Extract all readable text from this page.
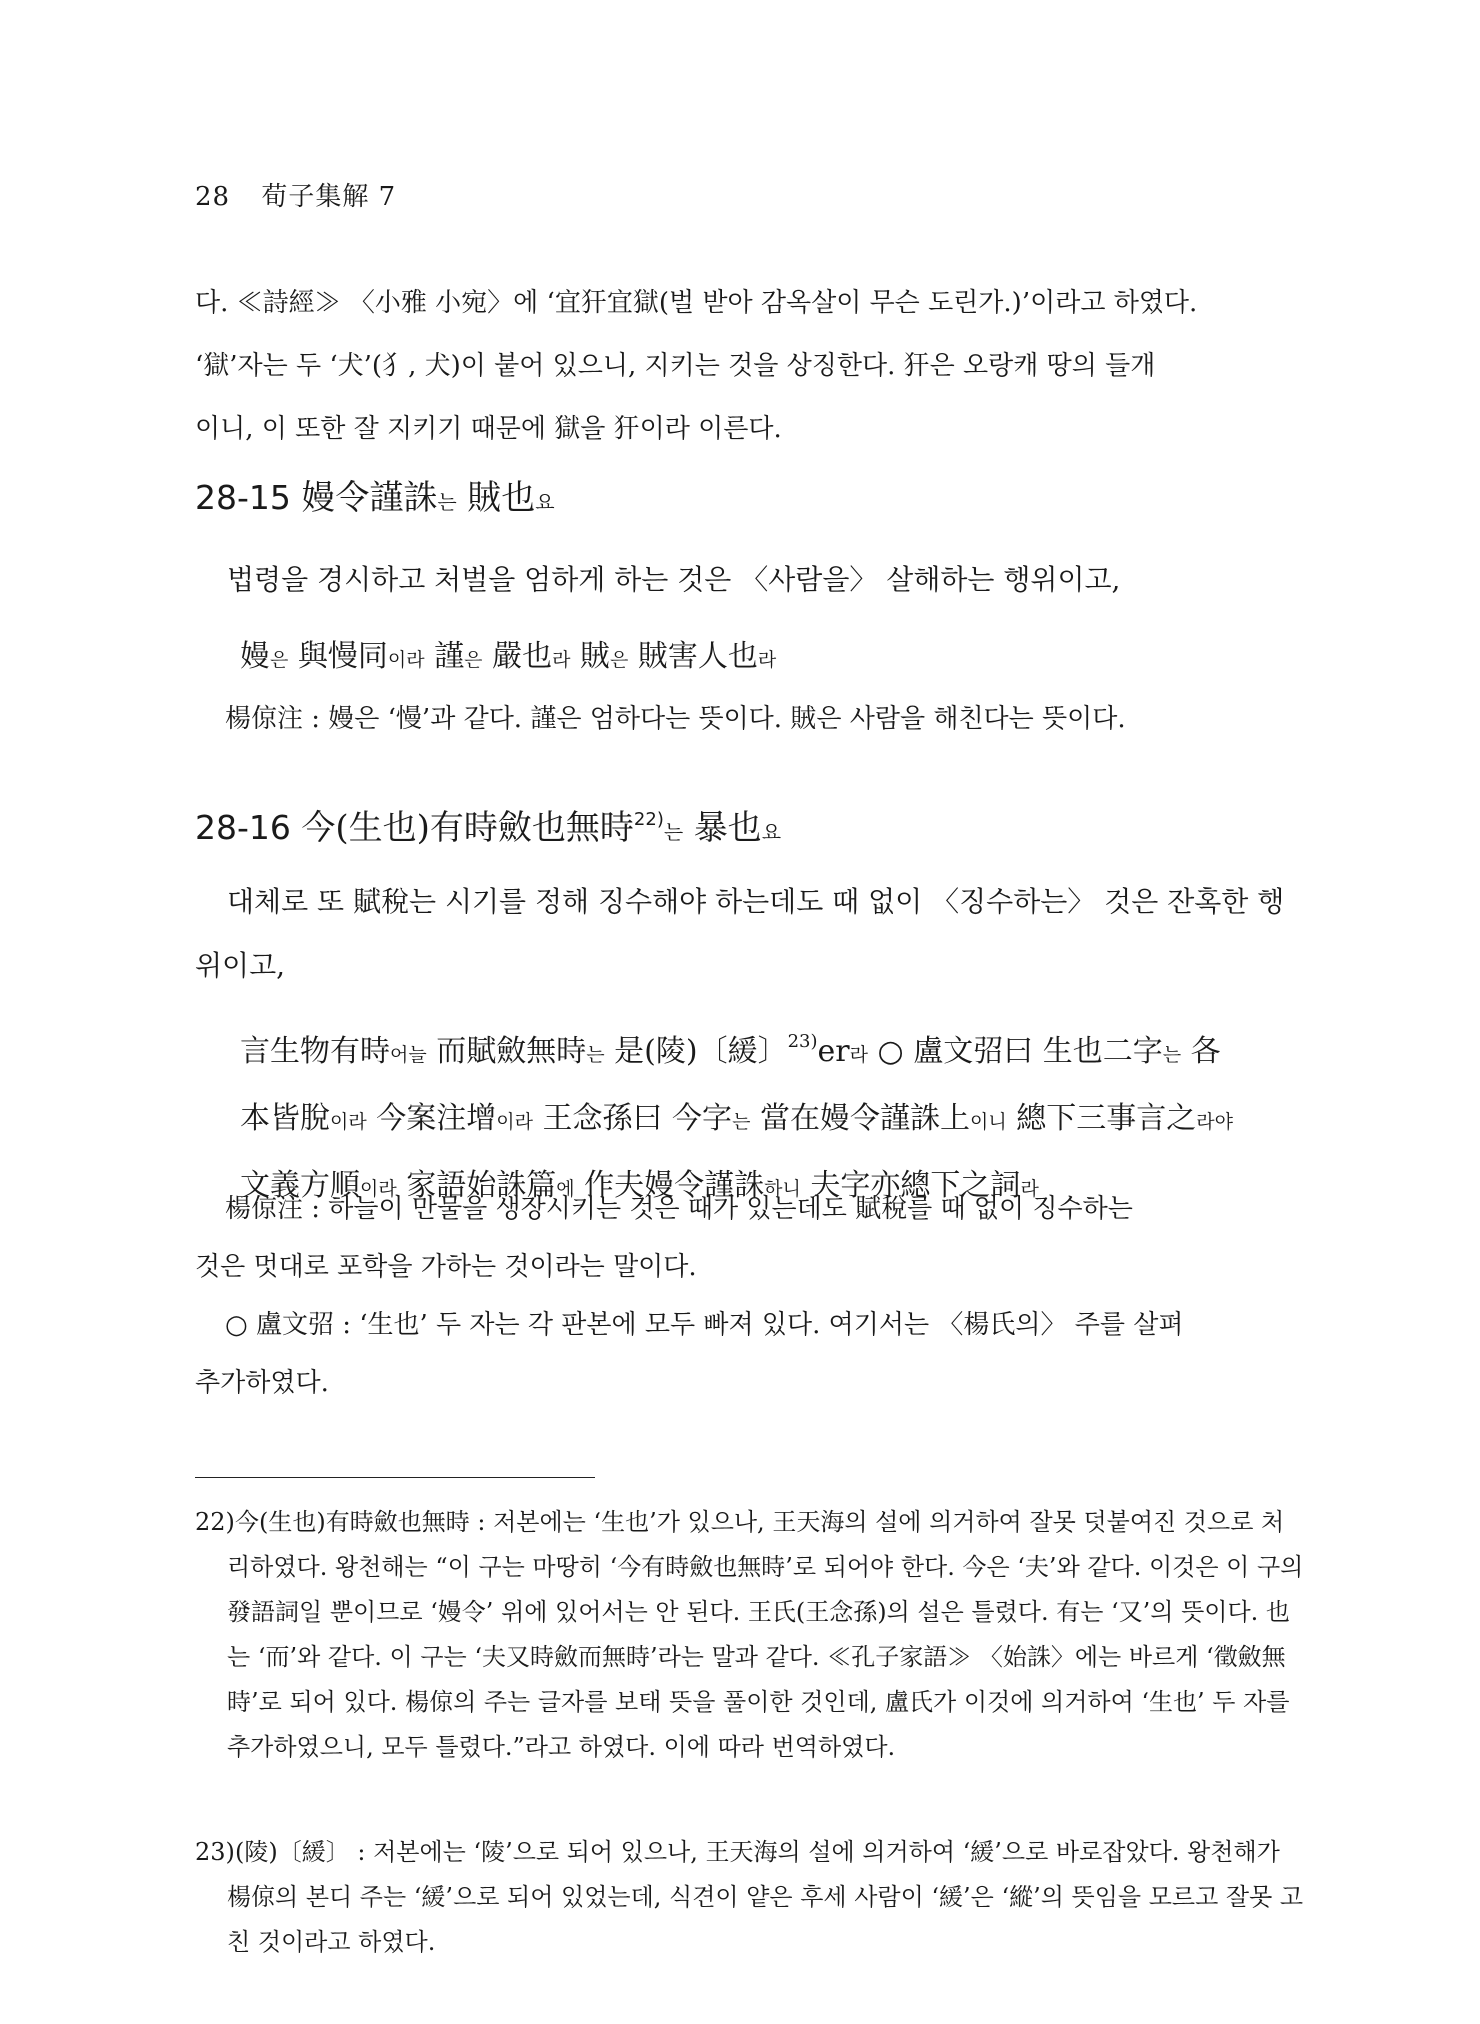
28 荀子集解 7

다. ≪詩經≫ 〈小雅 小宛〉에 ‘宜犴宜獄(벌 받아 감옥살이 무슨 도린가.)’이라고 하였다.

‘獄’자는 두 ‘犬’(犭, 犬)이 붙어 있으니, 지키는 것을 상징한다. 犴은 오랑캐 땅의 들개

이니, 이 또한 잘 지키기 때문에 獄을 犴이라 이른다.

28-15 嫚令謹誅는 賊也요

법령을 경시하고 처벌을 엄하게 하는 것은 〈사람을〉 살해하는 행위이고,

嫚은 與慢同이라 謹은 嚴也라 賊은 賊害人也라

楊倞注 : 嫚은 ‘慢’과 같다. 謹은 엄하다는 뜻이다. 賊은 사람을 해친다는 뜻이다.

28-16 今(生也)有時斂也無時$^{22)}$는 暴也요

대체로 또 賦稅는 시기를 정해 징수해야 하는데도 때 없이 〈징수하는〉 것은 잔혹한 행위이고,

言生物有時어늘 而賦斂無時는 是(陵)〔緩〕$^{23)}$er라 ○ 盧文弨曰 生也二字는 各
本皆脫이라 今案注增이라 王念孫曰 今字는 當在嫚令謹誅上이니 總下三事言之라야
文義方順이라 家語始誅篇에 作夫嫚令謹誅하니 夫字亦總下之詞라

楊倞注 : 하늘이 만물을 생장시키는 것은 때가 있는데도 賦稅를 때 없이 징수하는
것은 멋대로 포학을 가하는 것이라는 말이다.

○ 盧文弨 : ‘生也’ 두 자는 각 판본에 모두 빠져 있다. 여기서는 〈楊氏의〉 주를 살펴
추가하였다.

22) 今(生也)有時斂也無時 : 저본에는 ‘生也’가 있으나, 王天海의 설에 의거하여 잘못 덧붙여진 것으로 처리하였다. 왕천해는 “이 구는 마땅히 ‘今有時斂也無時’로 되어야 한다. 今은 ‘夫’와 같다. 이것은 이 구의 發語詞일 뿐이므로 ‘嫚令’ 위에 있어서는 안 된다. 王氏(王念孫)의 설은 틀렸다. 有는 ‘又’의 뜻이다. 也는 ‘而’와 같다. 이 구는 ‘夫又時斂而無時’라는 말과 같다. ≪孔子家語≫ 〈始誅〉에는 바르게 ‘徵斂無時’로 되어 있다. 楊倞의 주는 글자를 보태 뜻을 풀이한 것인데, 盧氏가 이것에 의거하여 ‘生也’ 두 자를 추가하였으니, 모두 틀렸다.”라고 하였다. 이에 따라 번역하였다.
23) (陵)〔緩〕 : 저본에는 ‘陵’으로 되어 있으나, 王天海의 설에 의거하여 ‘緩’으로 바로잡았다. 왕천해가 楊倞의 본디 주는 ‘緩’으로 되어 있었는데, 식견이 얕은 후세 사람이 ‘緩’은 ‘縱’의 뜻임을 모르고 잘못 고친 것이라고 하였다.
